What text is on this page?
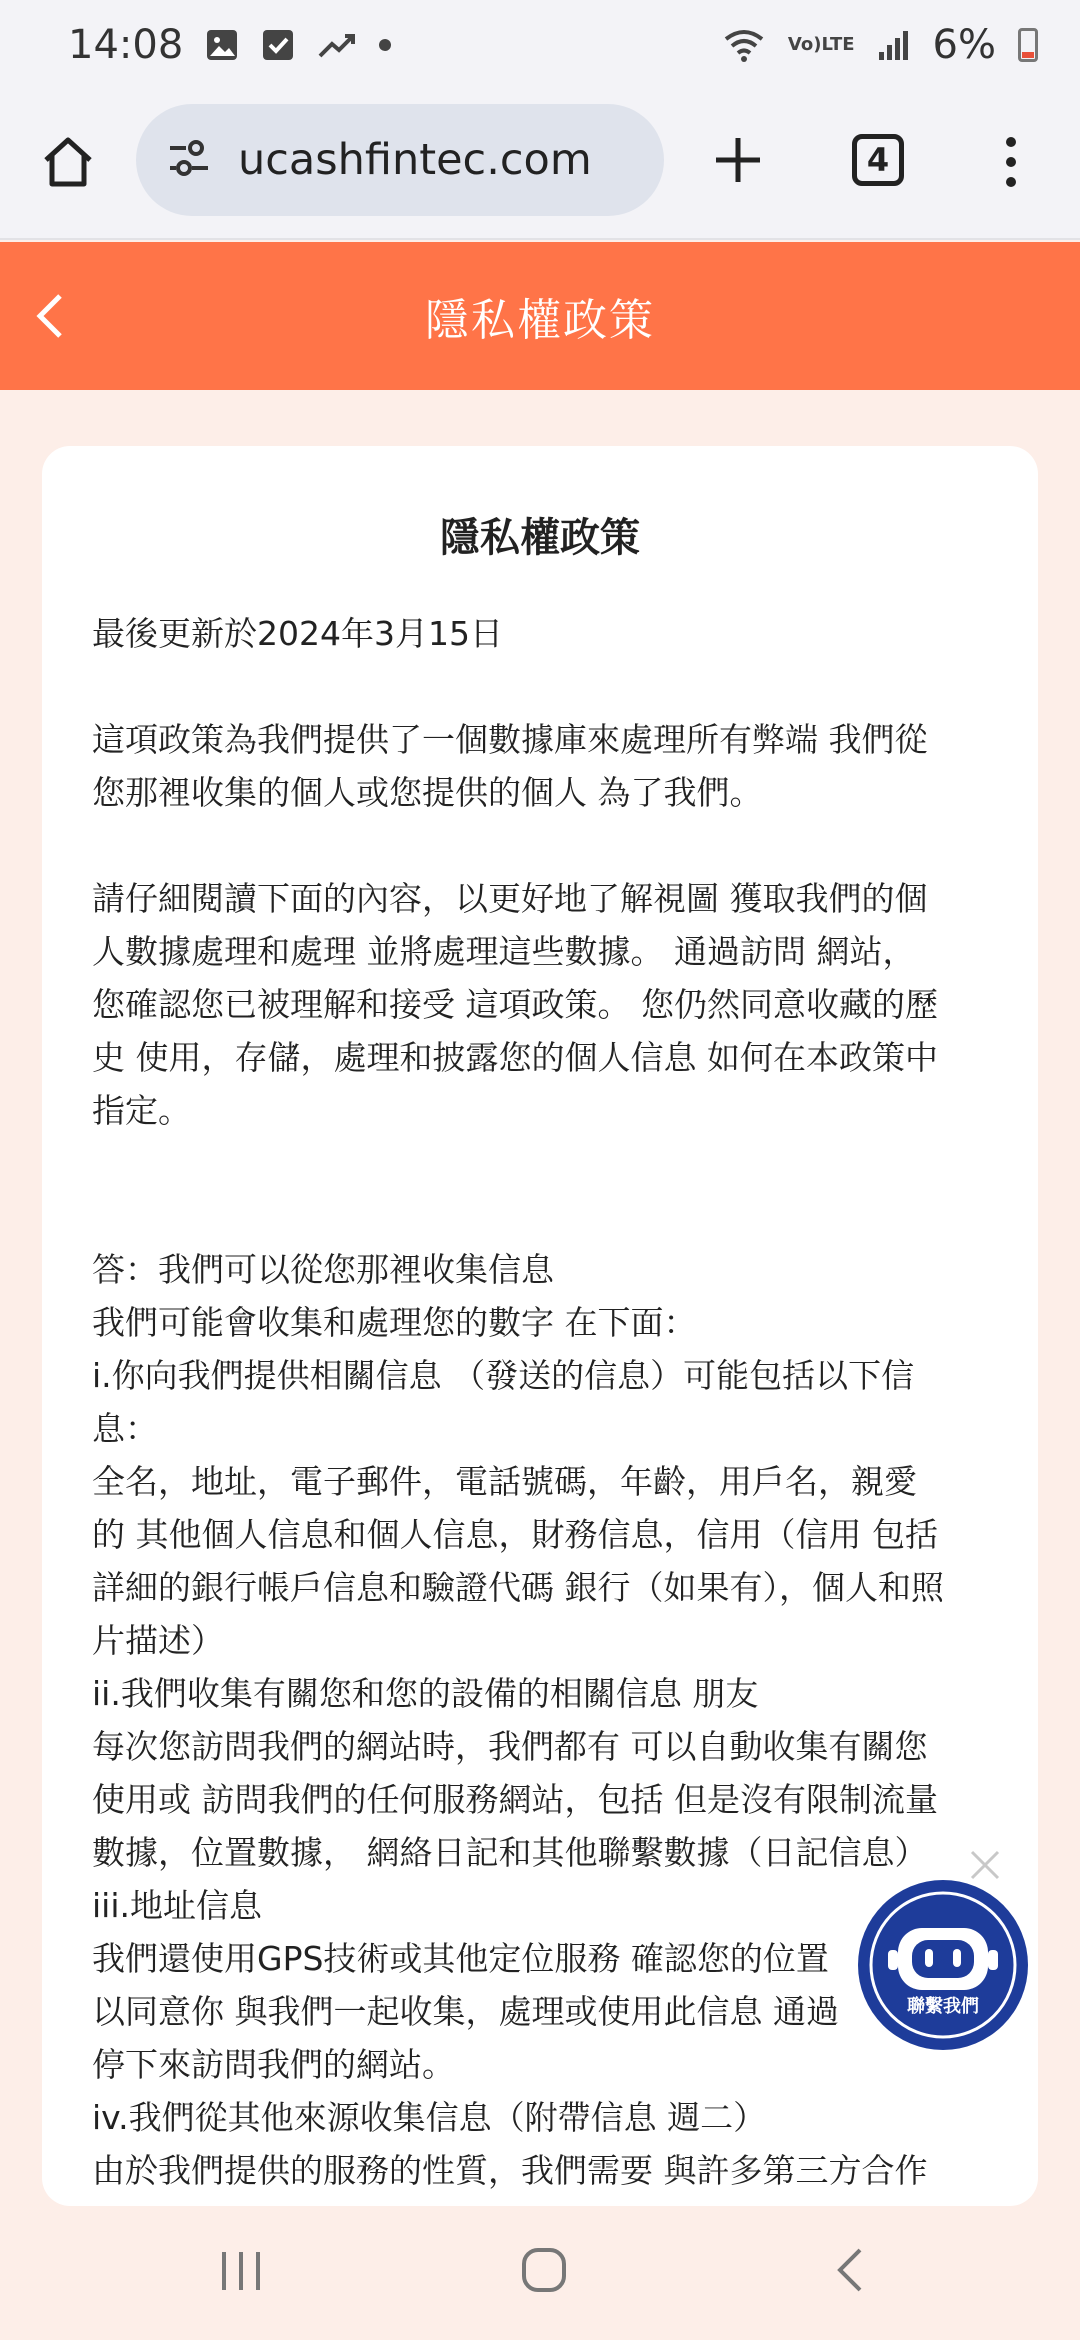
14:08	Vo) LTE 6%
ucashfintec.com	4
隱私權政策
隱私權政策
最後更新於2024年3月15日
這項政策為我們提供了一個數據庫來處理所有弊端 我們從
您那裡收集的個人或您提供的個人 為了我們。
請仔細閱讀下面的內容，以更好地了解視圖 獲取我們的個
人數據處理和處理 並將處理這些數據。 通過訪問 網站，
您確認您已被理解和接受 這項政策。 您仍然同意收藏的歷
史 使用，存儲，處理和披露您的個人信息 如何在本政策中
指定。
答：我們可以從您那裡收集信息
我們可能會收集和處理您的數字 在下面：
i.你向我們提供相關信息 （發送的信息）可能包括以下信
息：
全名，地址，電子郵件，電話號碼，年齡，用戶名，親愛
的 其他個人信息和個人信息，財務信息，信用（信用 包括
詳細的銀行帳戶信息和驗證代碼 銀行（如果有），個人和照
片描述）
ii.我們收集有關您和您的設備的相關信息 朋友
每次您訪問我們的網站時，我們都有 可以自動收集有關您
使用或 訪問我們的任何服務網站，包括 但是沒有限制流量
數據，位置數據， 網絡日記和其他聯繫數據（日記信息）
iii.地址信息
我們還使用GPS技術或其他定位服務 確認您的位置
以同意你 與我們一起收集，處理或使用此信息 通過
停下來訪問我們的網站。
iv.我們從其他來源收集信息（附帶信息 週二）
由於我們提供的服務的性質，我們需要 與許多第三方合作
聯繫我們
